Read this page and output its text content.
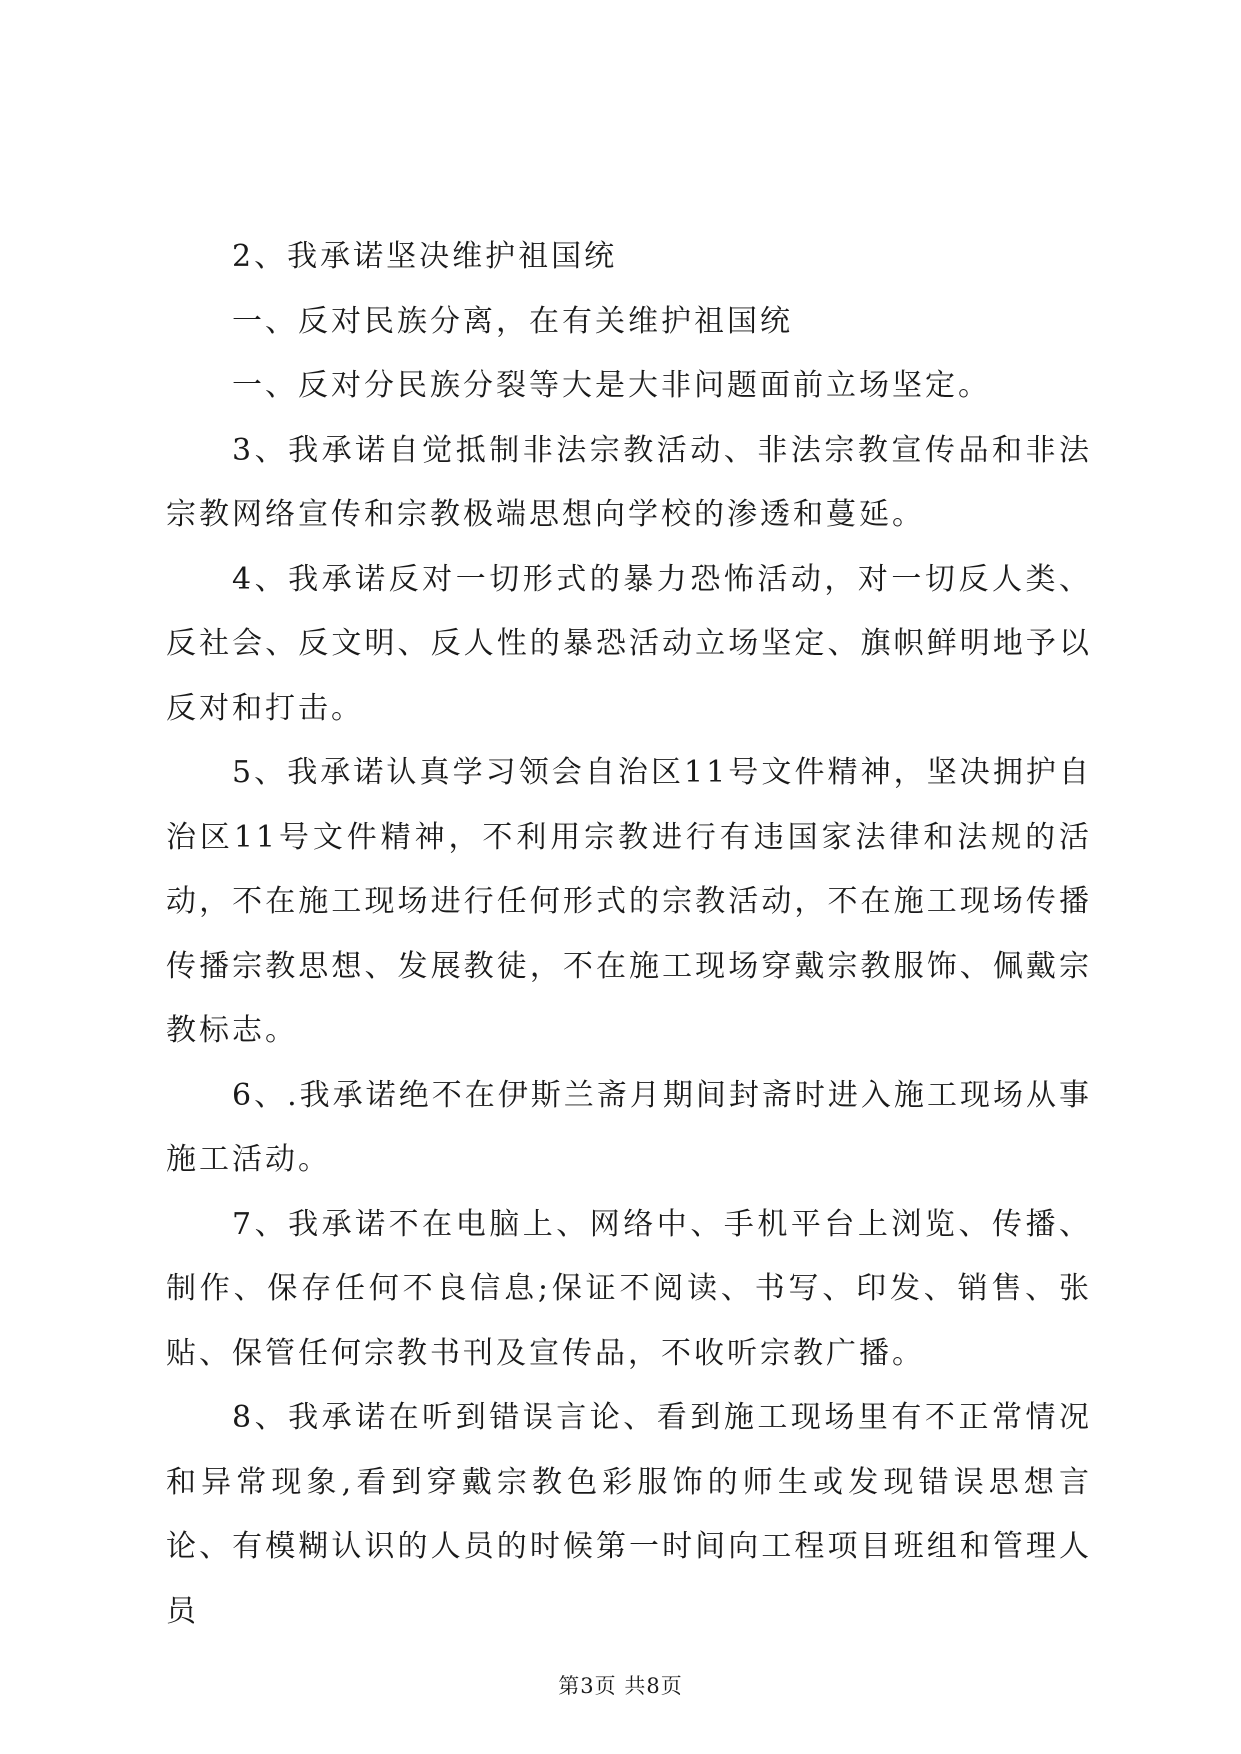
2、我承诺坚决维护祖国统

一、反对民族分离，在有关维护祖国统

一、反对分民族分裂等大是大非问题面前立场坚定。

3、我承诺自觉抵制非法宗教活动、非法宗教宣传品和非法宗教网络宣传和宗教极端思想向学校的渗透和蔓延。

4、我承诺反对一切形式的暴力恐怖活动，对一切反人类、反社会、反文明、反人性的暴恐活动立场坚定、旗帜鲜明地予以反对和打击。

5、我承诺认真学习领会自治区11号文件精神，坚决拥护自治区11号文件精神，不利用宗教进行有违国家法律和法规的活动，不在施工现场进行任何形式的宗教活动，不在施工现场传播传播宗教思想、发展教徒，不在施工现场穿戴宗教服饰、佩戴宗教标志。

6、.我承诺绝不在伊斯兰斋月期间封斋时进入施工现场从事施工活动。

7、我承诺不在电脑上、网络中、手机平台上浏览、传播、制作、保存任何不良信息;保证不阅读、书写、印发、销售、张贴、保管任何宗教书刊及宣传品，不收听宗教广播。

8、我承诺在听到错误言论、看到施工现场里有不正常情况和异常现象,看到穿戴宗教色彩服饰的师生或发现错误思想言论、有模糊认识的人员的时候第一时间向工程项目班组和管理人员

第3页 共8页
